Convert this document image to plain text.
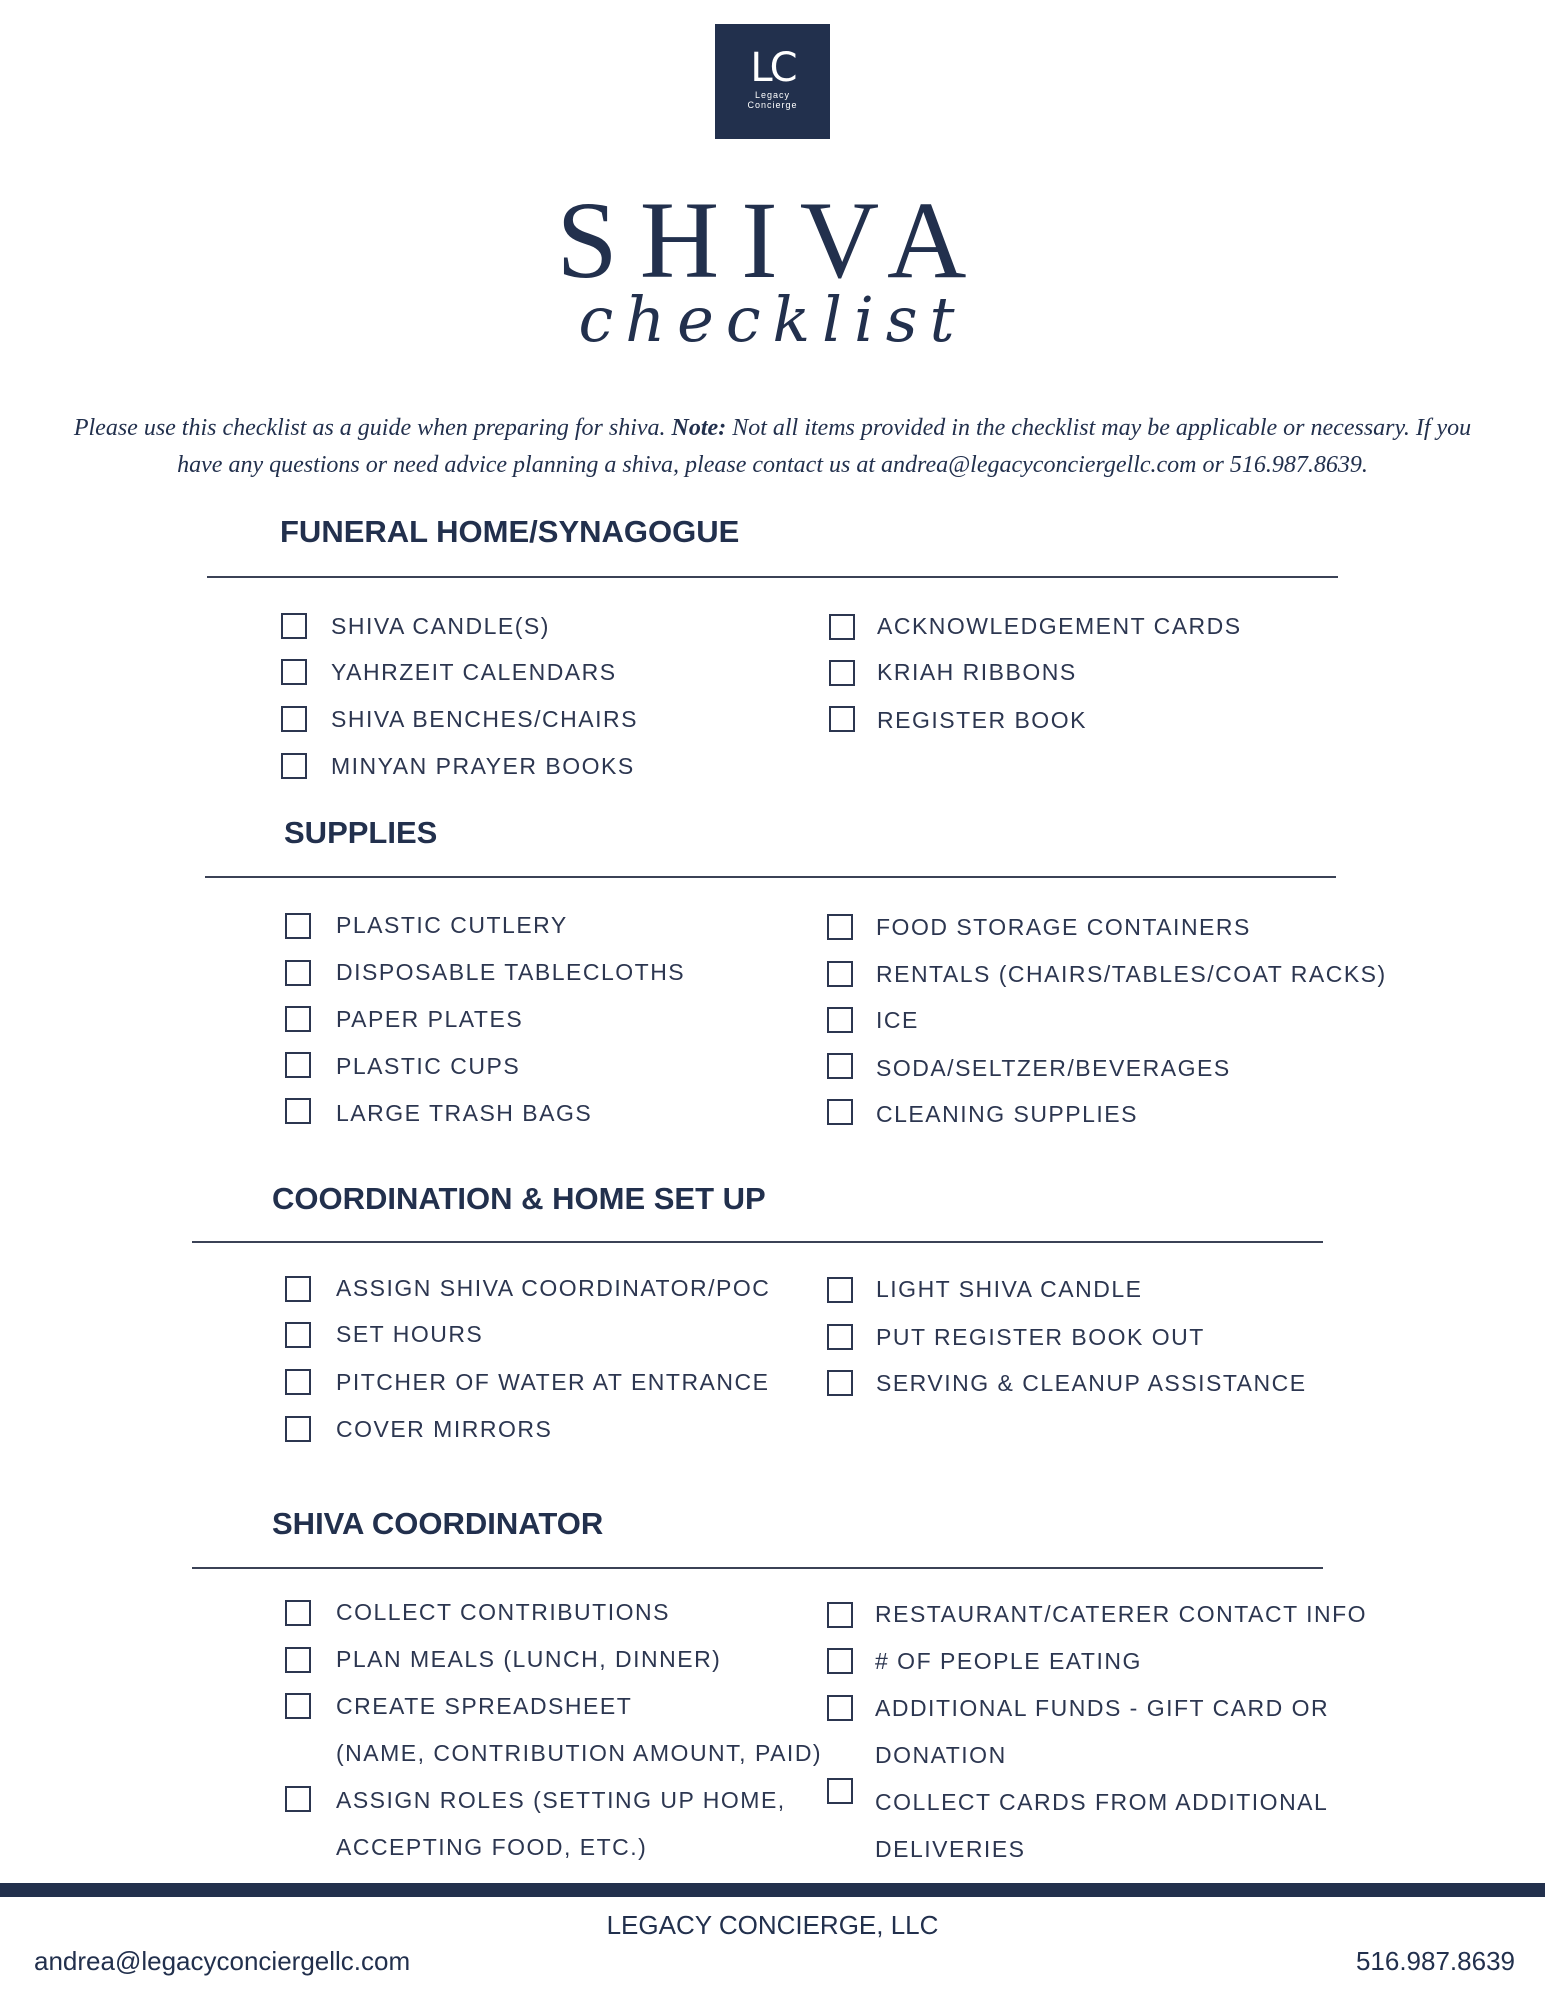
LC
Legacy
Concierge
SHIVA
checklist
Please use this checklist as a guide when preparing for shiva. Note: Not all items provided in the checklist may be applicable or necessary. If you have any questions or need advice planning a shiva, please contact us at andrea@legacyconciergellc.com or 516.987.8639.
FUNERAL HOME/SYNAGOGUE
SHIVA CANDLE(S)
YAHRZEIT CALENDARS
SHIVA BENCHES/CHAIRS
MINYAN PRAYER BOOKS
ACKNOWLEDGEMENT CARDS
KRIAH RIBBONS
REGISTER BOOK
SUPPLIES
PLASTIC CUTLERY
DISPOSABLE TABLECLOTHS
PAPER PLATES
PLASTIC CUPS
LARGE TRASH BAGS
FOOD STORAGE CONTAINERS
RENTALS (CHAIRS/TABLES/COAT RACKS)
ICE
SODA/SELTZER/BEVERAGES
CLEANING SUPPLIES
COORDINATION & HOME SET UP
ASSIGN SHIVA COORDINATOR/POC
SET HOURS
PITCHER OF WATER AT ENTRANCE
COVER MIRRORS
LIGHT SHIVA CANDLE
PUT REGISTER BOOK OUT
SERVING & CLEANUP ASSISTANCE
SHIVA COORDINATOR
COLLECT CONTRIBUTIONS
PLAN MEALS (LUNCH, DINNER)
CREATE SPREADSHEET
(NAME, CONTRIBUTION AMOUNT, PAID)
ASSIGN ROLES (SETTING UP HOME,
ACCEPTING FOOD, ETC.)
RESTAURANT/CATERER CONTACT INFO
# OF PEOPLE EATING
ADDITIONAL FUNDS - GIFT CARD OR
DONATION
COLLECT CARDS FROM ADDITIONAL
DELIVERIES
LEGACY CONCIERGE, LLC
andrea@legacyconciergellc.com	516.987.8639
